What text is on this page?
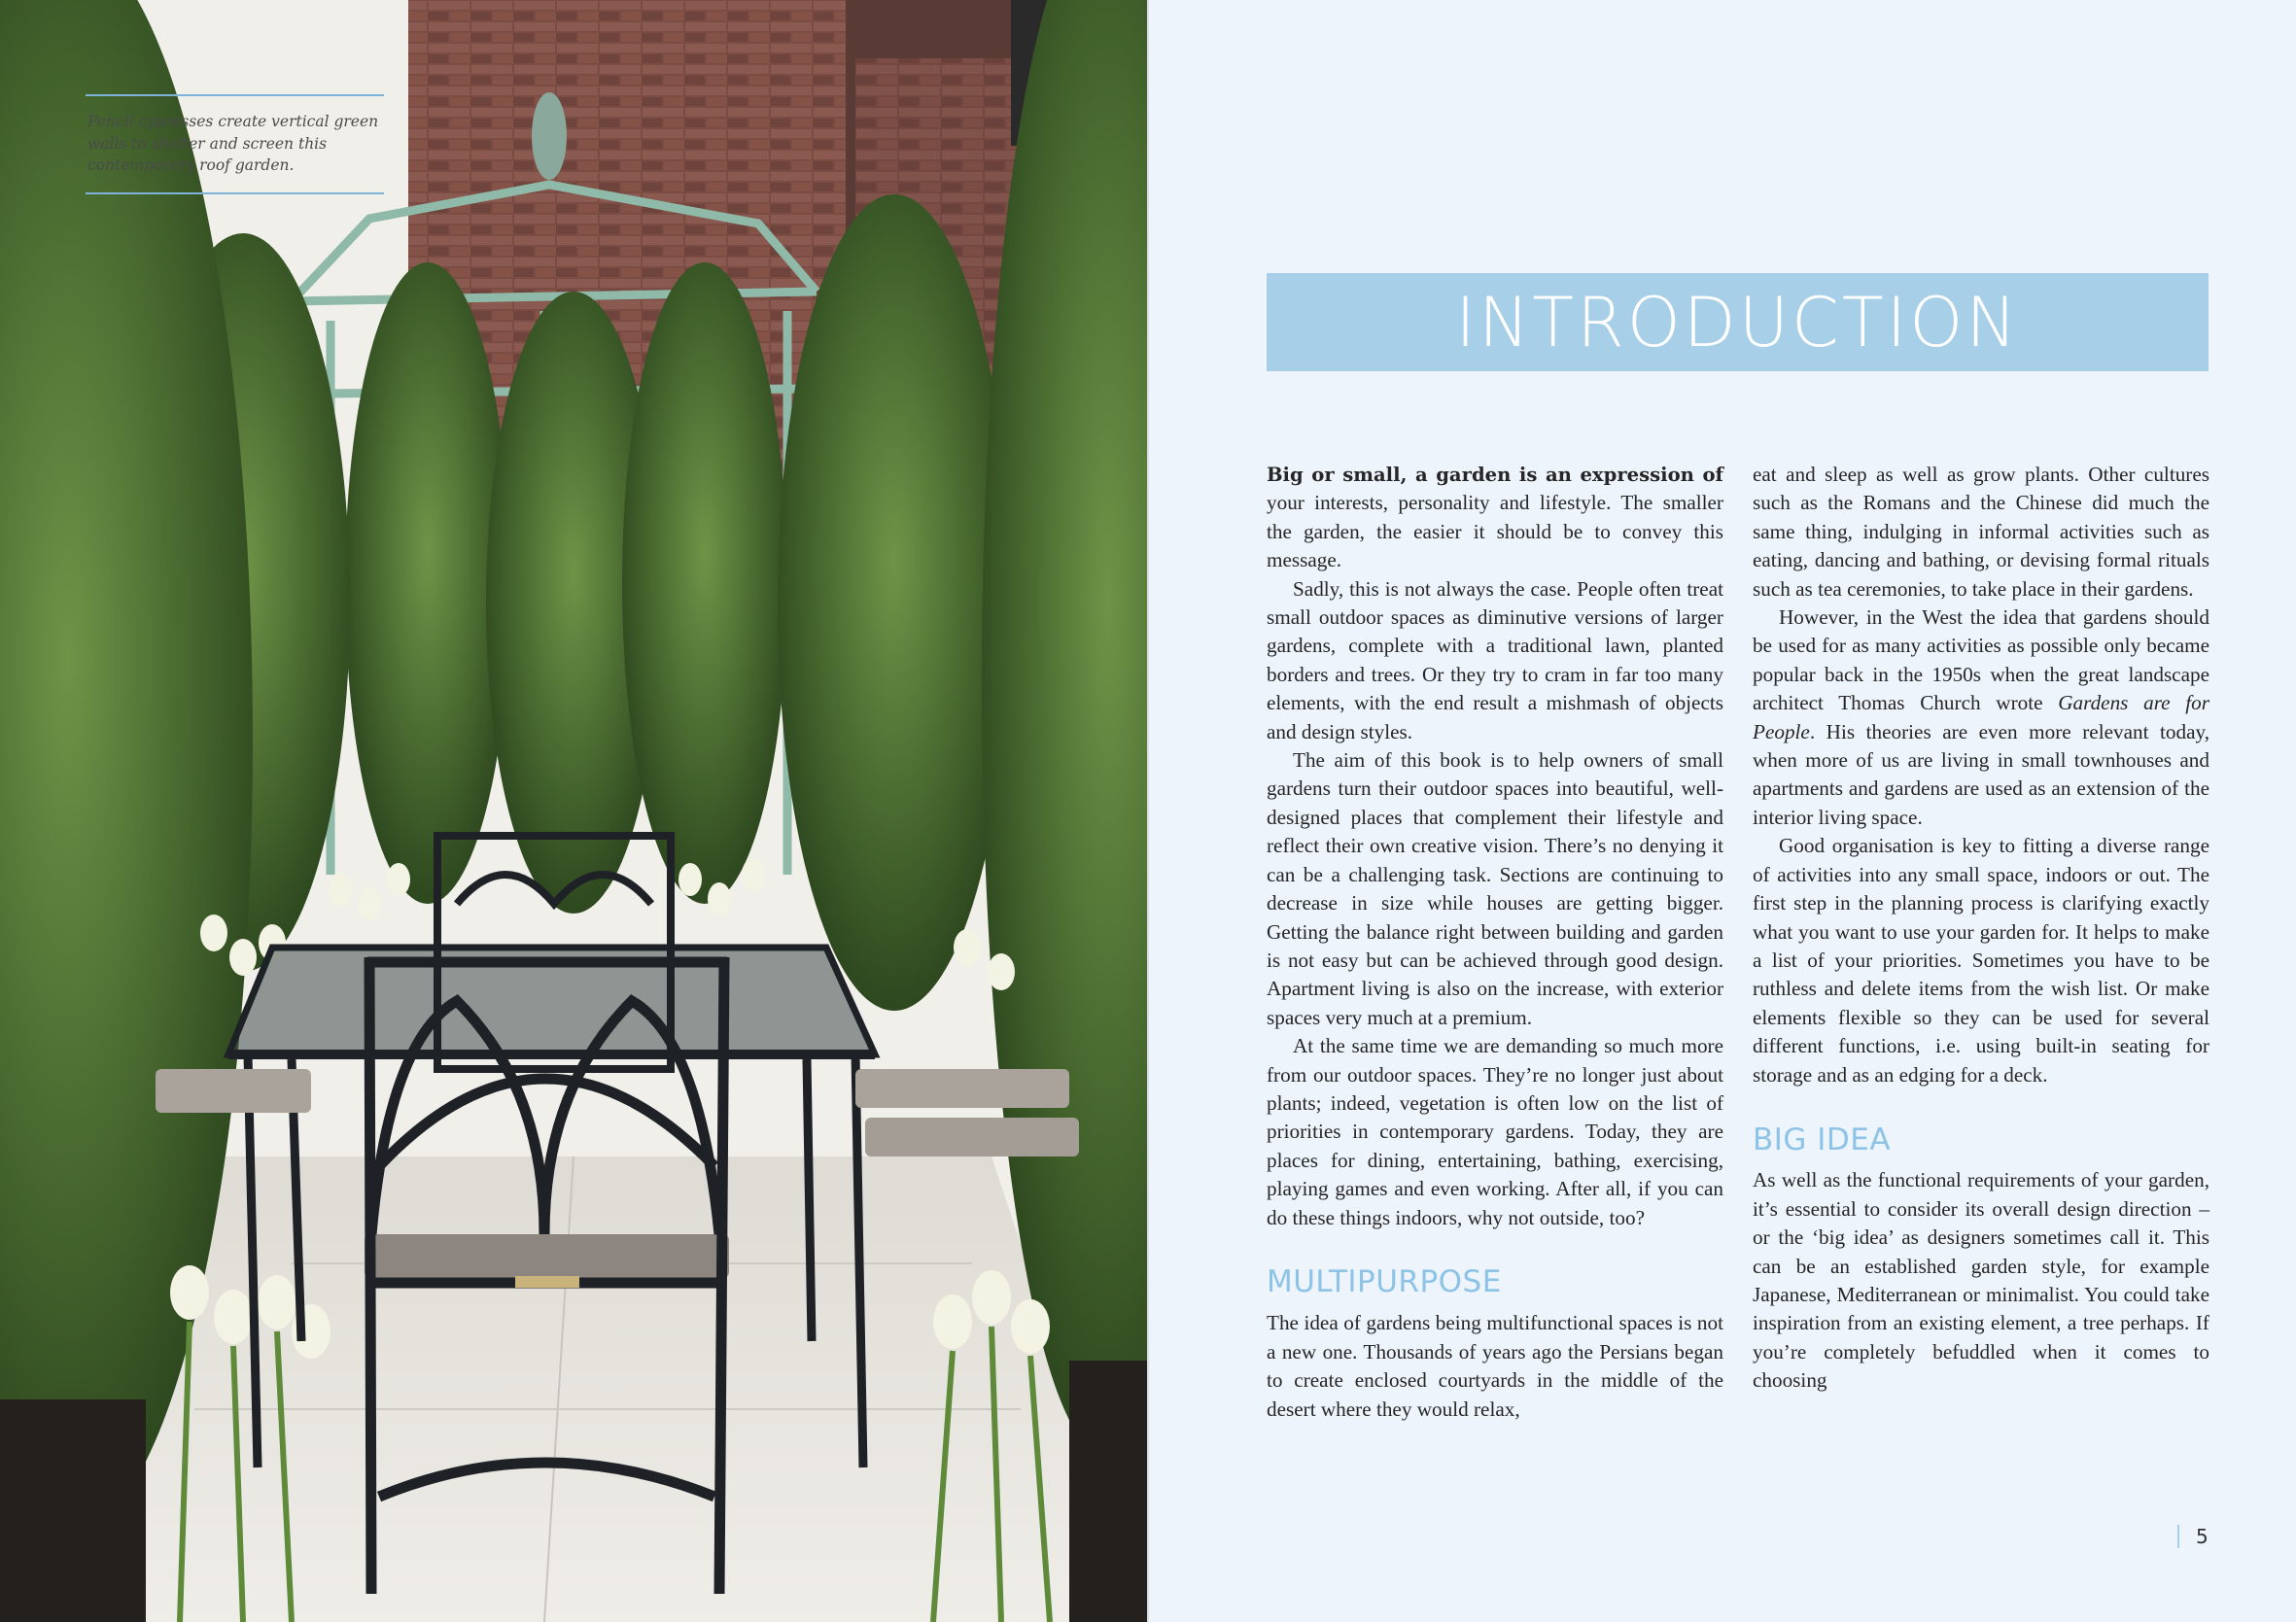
Pencil cypresses create vertical green walls to shelter and screen this contemporary roof garden.
INTRODUCTION

Big or small, a garden is an expression of your interests, personality and lifestyle. The smaller the garden, the easier it should be to convey this message.

Sadly, this is not always the case. People often treat small outdoor spaces as diminutive versions of larger gardens, complete with a traditional lawn, planted borders and trees. Or they try to cram in far too many elements, with the end result a mishmash of objects and design styles.

The aim of this book is to help owners of small gardens turn their outdoor spaces into beautiful, well-designed places that complement their lifestyle and reflect their own creative vision. There’s no denying it can be a challenging task. Sections are continuing to decrease in size while houses are getting bigger. Getting the balance right between building and garden is not easy but can be achieved through good design. Apartment living is also on the increase, with exterior spaces very much at a premium.

At the same time we are demanding so much more from our outdoor spaces. They’re no longer just about plants; indeed, vegetation is often low on the list of priorities in contemporary gardens. Today, they are places for dining, entertaining, bathing, exercising, playing games and even working. After all, if you can do these things indoors, why not outside, too?

MULTIPURPOSE

The idea of gardens being multifunctional spaces is not a new one. Thousands of years ago the Persians began to create enclosed courtyards in the middle of the desert where they would relax,

eat and sleep as well as grow plants. Other cultures such as the Romans and the Chinese did much the same thing, indulging in informal activities such as eating, dancing and bathing, or devising formal rituals such as tea ceremonies, to take place in their gardens.

However, in the West the idea that gardens should be used for as many activities as possible only became popular back in the 1950s when the great landscape architect Thomas Church wrote Gardens are for People. His theories are even more relevant today, when more of us are living in small townhouses and apartments and gardens are used as an extension of the interior living space.

Good organisation is key to fitting a diverse range of activities into any small space, indoors or out. The first step in the planning process is clarifying exactly what you want to use your garden for. It helps to make a list of your priorities. Sometimes you have to be ruthless and delete items from the wish list. Or make elements flexible so they can be used for several different functions, i.e. using built-in seating for storage and as an edging for a deck.

BIG IDEA

As well as the functional requirements of your garden, it’s essential to consider its overall design direction – or the ‘big idea’ as designers sometimes call it. This can be an established garden style, for example Japanese, Mediterranean or minimalist. You could take inspiration from an existing element, a tree perhaps. If you’re completely befuddled when it comes to choosing

5
